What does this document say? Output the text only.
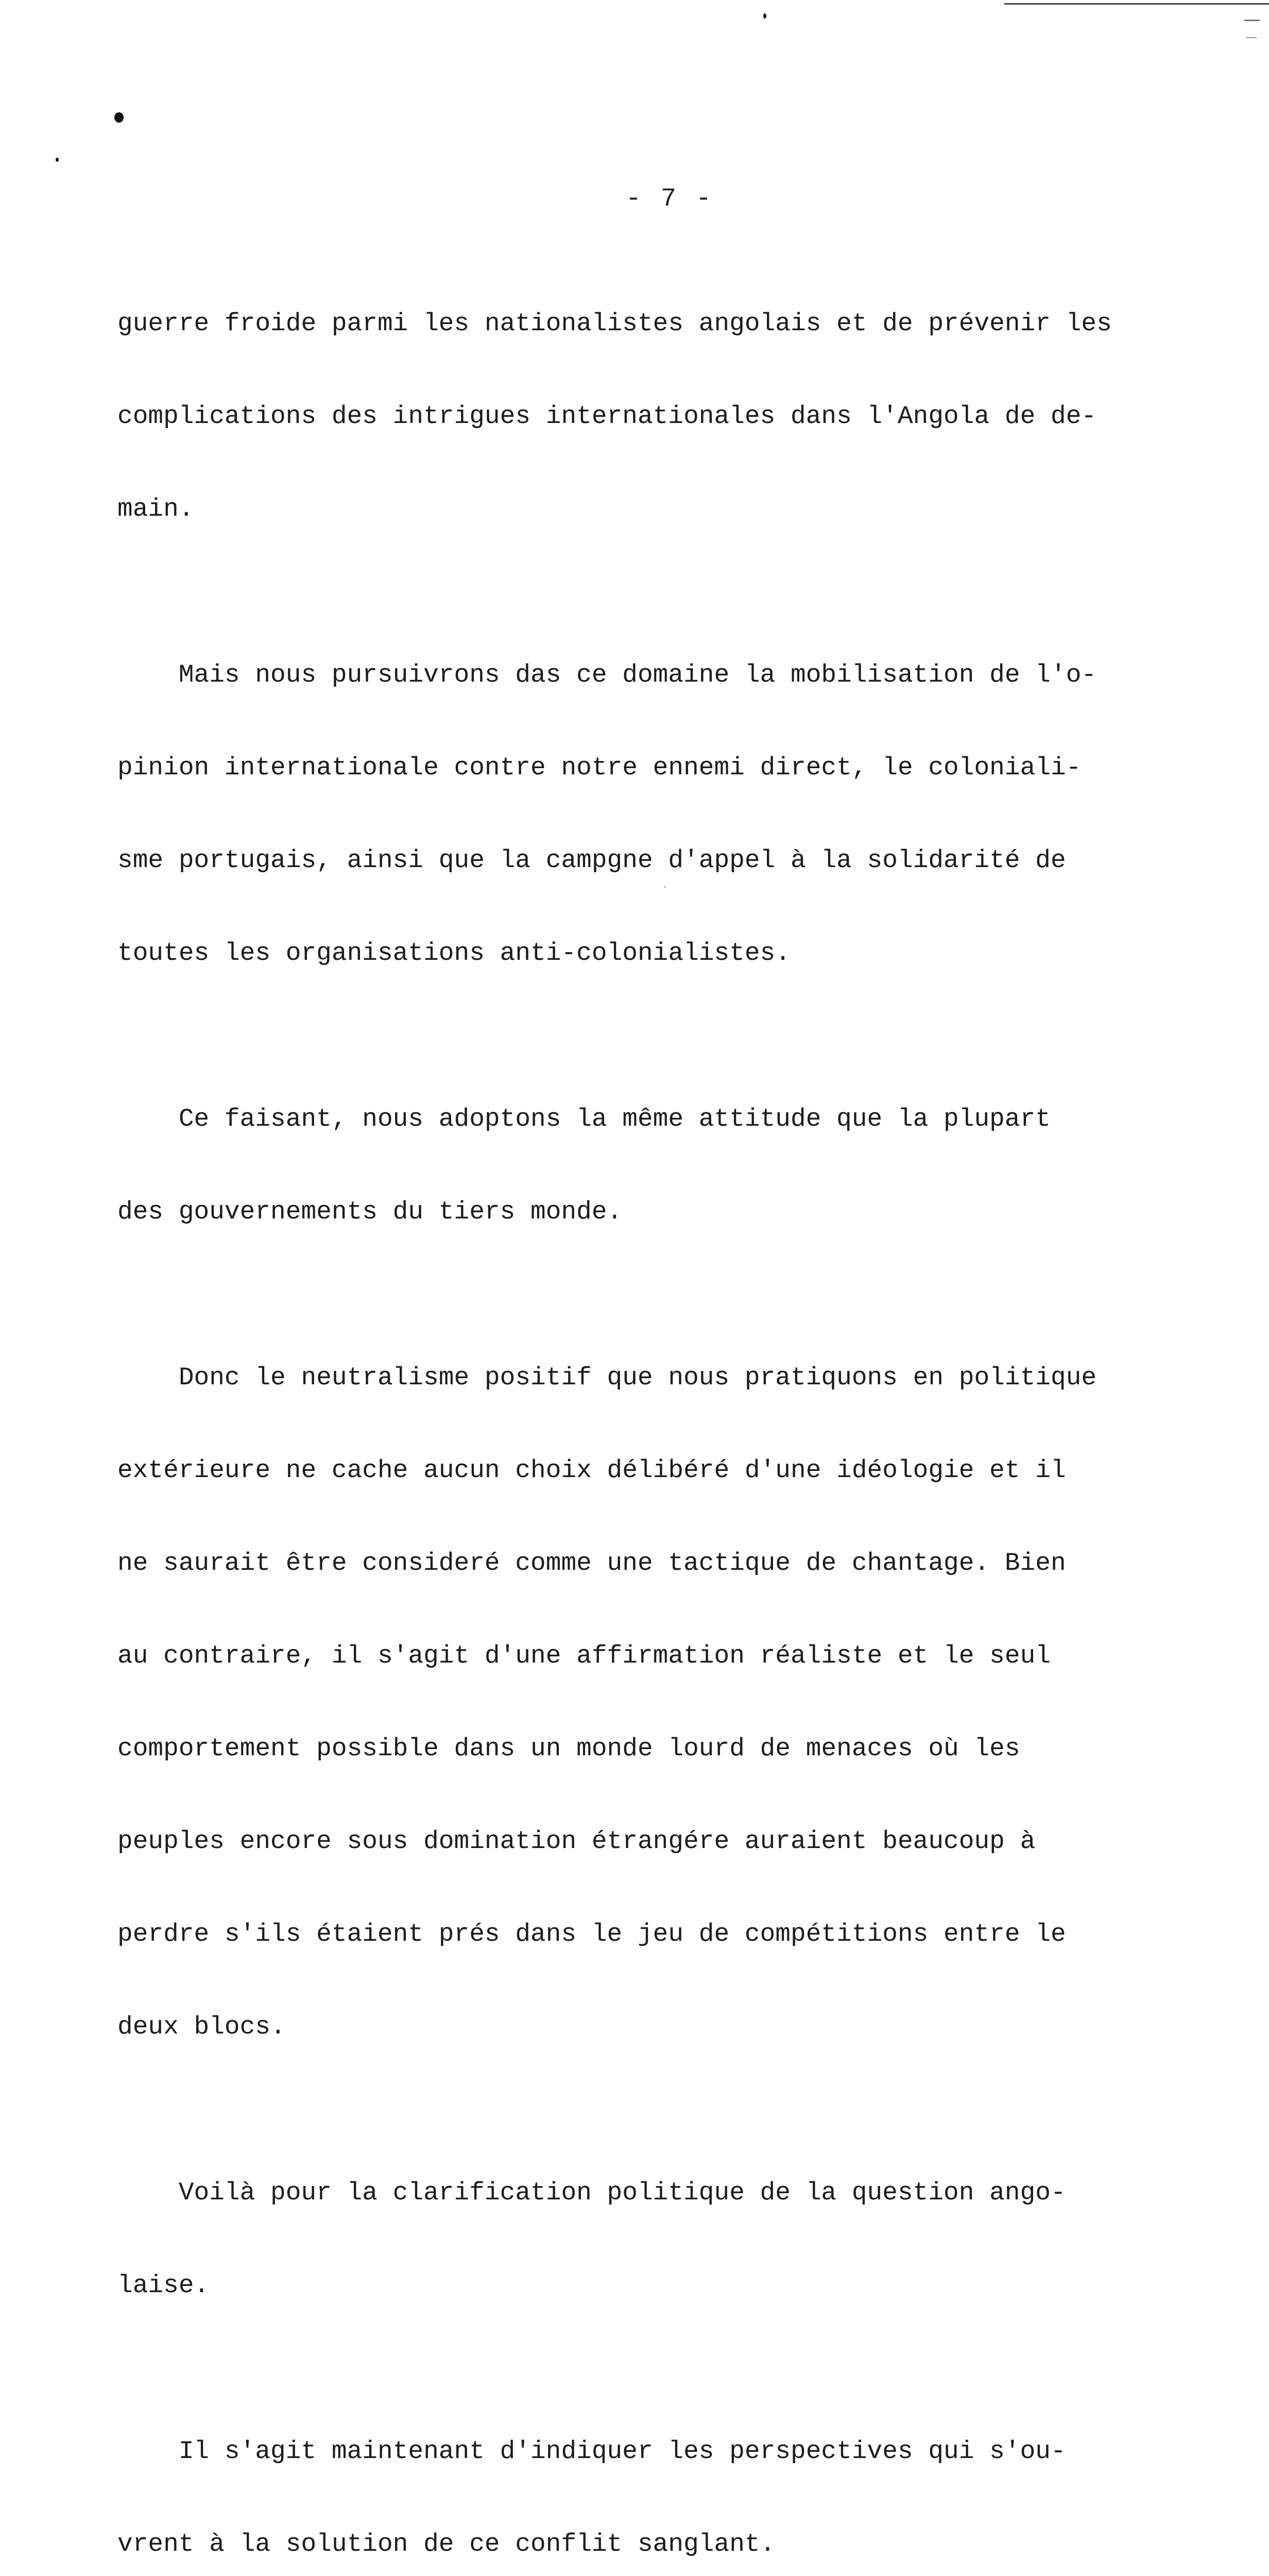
- 7 -

guerre froide parmi les nationalistes angolais et de prévenir les

complications des intrigues internationales dans l'Angola de de-

main.

Mais nous pursuivrons das ce domaine la mobilisation de l'o-

pinion internationale contre notre ennemi direct, le coloniali-

sme portugais, ainsi que la campgne d'appel à la solidarité de

toutes les organisations anti-colonialistes.

Ce faisant, nous adoptons la même attitude que la plupart

des gouvernements du tiers monde.

Donc le neutralisme positif que nous pratiquons en politique

extérieure ne cache aucun choix délibéré d'une idéologie et il

ne saurait être consideré comme une tactique de chantage. Bien

au contraire, il s'agit d'une affirmation réaliste et le seul

comportement possible dans un monde lourd de menaces où les

peuples encore sous domination étrangére auraient beaucoup à

perdre s'ils étaient prés dans le jeu de compétitions entre le

deux blocs.

Voilà pour la clarification politique de la question ango-

laise.

Il s'agit maintenant d'indiquer les perspectives qui s'ou-

vrent à la solution de ce conflit sanglant.
